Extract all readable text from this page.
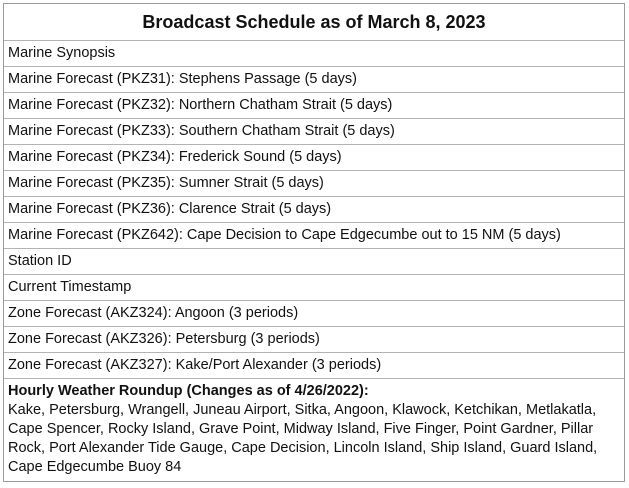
Broadcast Schedule as of March 8, 2023
Marine Synopsis
Marine Forecast (PKZ31): Stephens Passage (5 days)
Marine Forecast (PKZ32): Northern Chatham Strait (5 days)
Marine Forecast (PKZ33): Southern Chatham Strait (5 days)
Marine Forecast (PKZ34): Frederick Sound (5 days)
Marine Forecast (PKZ35): Sumner Strait (5 days)
Marine Forecast (PKZ36): Clarence Strait (5 days)
Marine Forecast (PKZ642): Cape Decision to Cape Edgecumbe out to 15 NM (5 days)
Station ID
Current Timestamp
Zone Forecast (AKZ324): Angoon (3 periods)
Zone Forecast (AKZ326): Petersburg (3 periods)
Zone Forecast (AKZ327): Kake/Port Alexander (3 periods)
Hourly Weather Roundup (Changes as of 4/26/2022):
Kake, Petersburg, Wrangell, Juneau Airport, Sitka, Angoon, Klawock, Ketchikan, Metlakatla, Cape Spencer, Rocky Island, Grave Point, Midway Island, Five Finger, Point Gardner, Pillar Rock, Port Alexander Tide Gauge, Cape Decision, Lincoln Island, Ship Island, Guard Island, Cape Edgecumbe Buoy 84
